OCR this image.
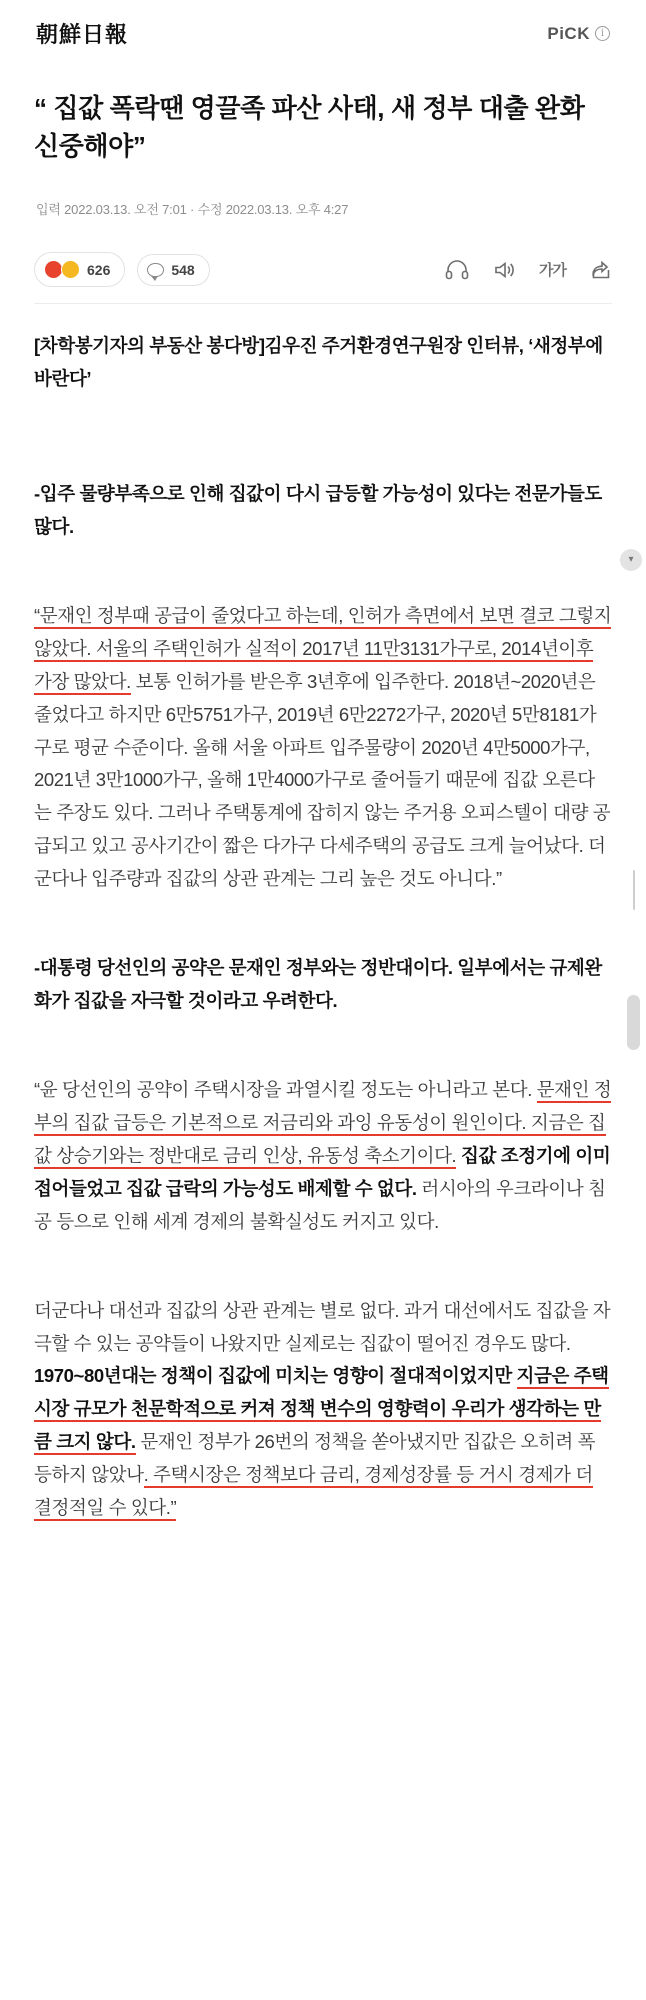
朝鮮日報	PiCK	i
“ 집값 폭락땐 영끌족 파산 사태, 새 정부 대출 완화 신중해야”
입력 2022.03.13. 오전 7:01 · 수정 2022.03.13. 오후 4:27
626	548	가가

[차학봉기자의 부동산 봉다방]김우진 주거환경연구원장 인터뷰, ‘새정부에 바란다’

-입주 물량부족으로 인해 집값이 다시 급등할 가능성이 있다는 전문가들도 많다.

“문재인 정부때 공급이 줄었다고 하는데, 인허가 측면에서 보면 결코 그렇지 않았다. 서울의 주택인허가 실적이 2017년 11만3131가구로, 2014년이후 가장 많았다. 보통 인허가를 받은후 3년후에 입주한다. 2018년~2020년은 줄었다고 하지만 6만5751가구, 2019년 6만2272가구, 2020년 5만8181가구로 평균 수준이다. 올해 서울 아파트 입주물량이 2020년 4만5000가구, 2021년 3만1000가구, 올해 1만4000가구로 줄어들기 때문에 집값 오른다는 주장도 있다. 그러나 주택통계에 잡히지 않는 주거용 오피스텔이 대량 공급되고 있고 공사기간이 짧은 다가구 다세주택의 공급도 크게 늘어났다. 더군다나 입주량과 집값의 상관 관계는 그리 높은 것도 아니다.”

-대통령 당선인의 공약은 문재인 정부와는 정반대이다. 일부에서는 규제완화가 집값을 자극할 것이라고 우려한다.

“윤 당선인의 공약이 주택시장을 과열시킬 정도는 아니라고 본다. 문재인 정부의 집값 급등은 기본적으로 저금리와 과잉 유동성이 원인이다. 지금은 집값 상승기와는 정반대로 금리 인상, 유동성 축소기이다. 집값 조정기에 이미 접어들었고 집값 급락의 가능성도 배제할 수 없다. 러시아의 우크라이나 침공 등으로 인해 세계 경제의 불확실성도 커지고 있다.

더군다나 대선과 집값의 상관 관계는 별로 없다. 과거 대선에서도 집값을 자극할 수 있는 공약들이 나왔지만 실제로는 집값이 떨어진 경우도 많다. 1970~80년대는 정책이 집값에 미치는 영향이 절대적이었지만 지금은 주택시장 규모가 천문학적으로 커져 정책 변수의 영향력이 우리가 생각하는 만큼 크지 않다. 문재인 정부가 26번의 정책을 쏟아냈지만 집값은 오히려 폭등하지 않았나. 주택시장은 정책보다 금리, 경제성장률 등 거시 경제가 더 결정적일 수 있다.”

▾
